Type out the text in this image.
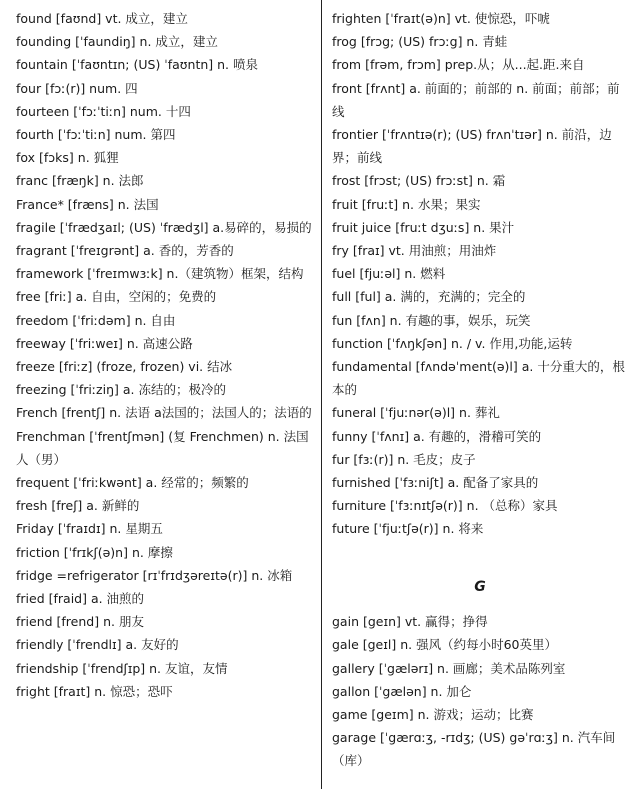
found [faʊnd] vt. 成立，建立

founding [ˈfaundiŋ] n. 成立，建立

fountain [ˈfaʊntɪn; (US) ˈfaʊntn] n. 喷泉

four [fɔː(r)] num. 四

fourteen [ˈfɔːˈtiːn] num. 十四

fourth [ˈfɔːˈtiːn] num. 第四

fox [fɔks] n. 狐狸

franc [fræŋk] n. 法郎

France* [fræns] n. 法国

fragile [ˈfrædʒaɪl; (US) ˈfrædʒl] a.易碎的，易损的

fragrant [ˈfreɪgrənt] a. 香的，芳香的

framework [ˈfreɪmwɜːk] n.（建筑物）框架，结构

free [friː] a. 自由，空闲的；免费的

freedom [ˈfriːdəm] n. 自由

freeway [ˈfriːweɪ] n. 高速公路

freeze [friːz] (froze, frozen) vi. 结冰

freezing [ˈfriːziŋ] a. 冻结的；极冷的

French [frentʃ] n. 法语 a法国的；法国人的；法语的

Frenchman [ˈfrentʃmən] (复 Frenchmen) n. 法国人（男）

frequent [ˈfriːkwənt] a. 经常的；频繁的

fresh [freʃ] a. 新鲜的

Friday [ˈfraɪdɪ] n. 星期五

friction [ˈfrɪkʃ(ə)n] n. 摩擦

fridge =refrigerator [rɪˈfrɪdʒəreɪtə(r)] n. 冰箱

fried [fraid] a. 油煎的

friend [frend] n. 朋友

friendly [ˈfrendlɪ] a. 友好的

friendship [ˈfrendʃɪp] n. 友谊，友情

fright [fraɪt] n. 惊恐；恐吓

frighten [ˈfraɪt(ə)n] vt. 使惊恐，吓唬

frog [frɔg; (US) frɔːg] n. 青蛙

from [frəm, frɔm] prep.从；从...起.距.来自

front [frʌnt] a. 前面的；前部的 n. 前面；前部；前线

frontier [ˈfrʌntɪə(r); (US) frʌnˈtɪər] n. 前沿，边界；前线

frost [frɔst; (US) frɔːst] n. 霜

fruit [fruːt] n. 水果；果实

fruit juice [fruːt dʒuːs] n. 果汁

fry [fraɪ] vt. 用油煎；用油炸

fuel [fjuːəl] n. 燃料

full [ful] a. 满的，充满的；完全的

fun [fʌn] n. 有趣的事，娱乐，玩笑

function [ˈfʌŋkʃən] n. / v. 作用,功能,运转

fundamental [fʌndəˈment(ə)l] a. 十分重大的，根本的

funeral [ˈfjuːnər(ə)l] n. 葬礼

funny [ˈfʌnɪ] a. 有趣的，滑稽可笑的

fur [fɜː(r)] n. 毛皮；皮子

furnished [ˈfɜːniʃt] a. 配备了家具的

furniture [ˈfɜːnɪtʃə(r)] n. （总称）家具

future [ˈfjuːtʃə(r)] n. 将来

G

gain [geɪn] vt. 赢得；挣得

gale [geɪl] n. 强风（约每小时60英里）

gallery [ˈgælərɪ] n. 画廊；美术品陈列室

gallon [ˈgælən] n. 加仑

game [geɪm] n. 游戏；运动；比赛

garage [ˈgærɑːʒ, -rɪdʒ; (US) gəˈrɑːʒ] n. 汽车间（库）
